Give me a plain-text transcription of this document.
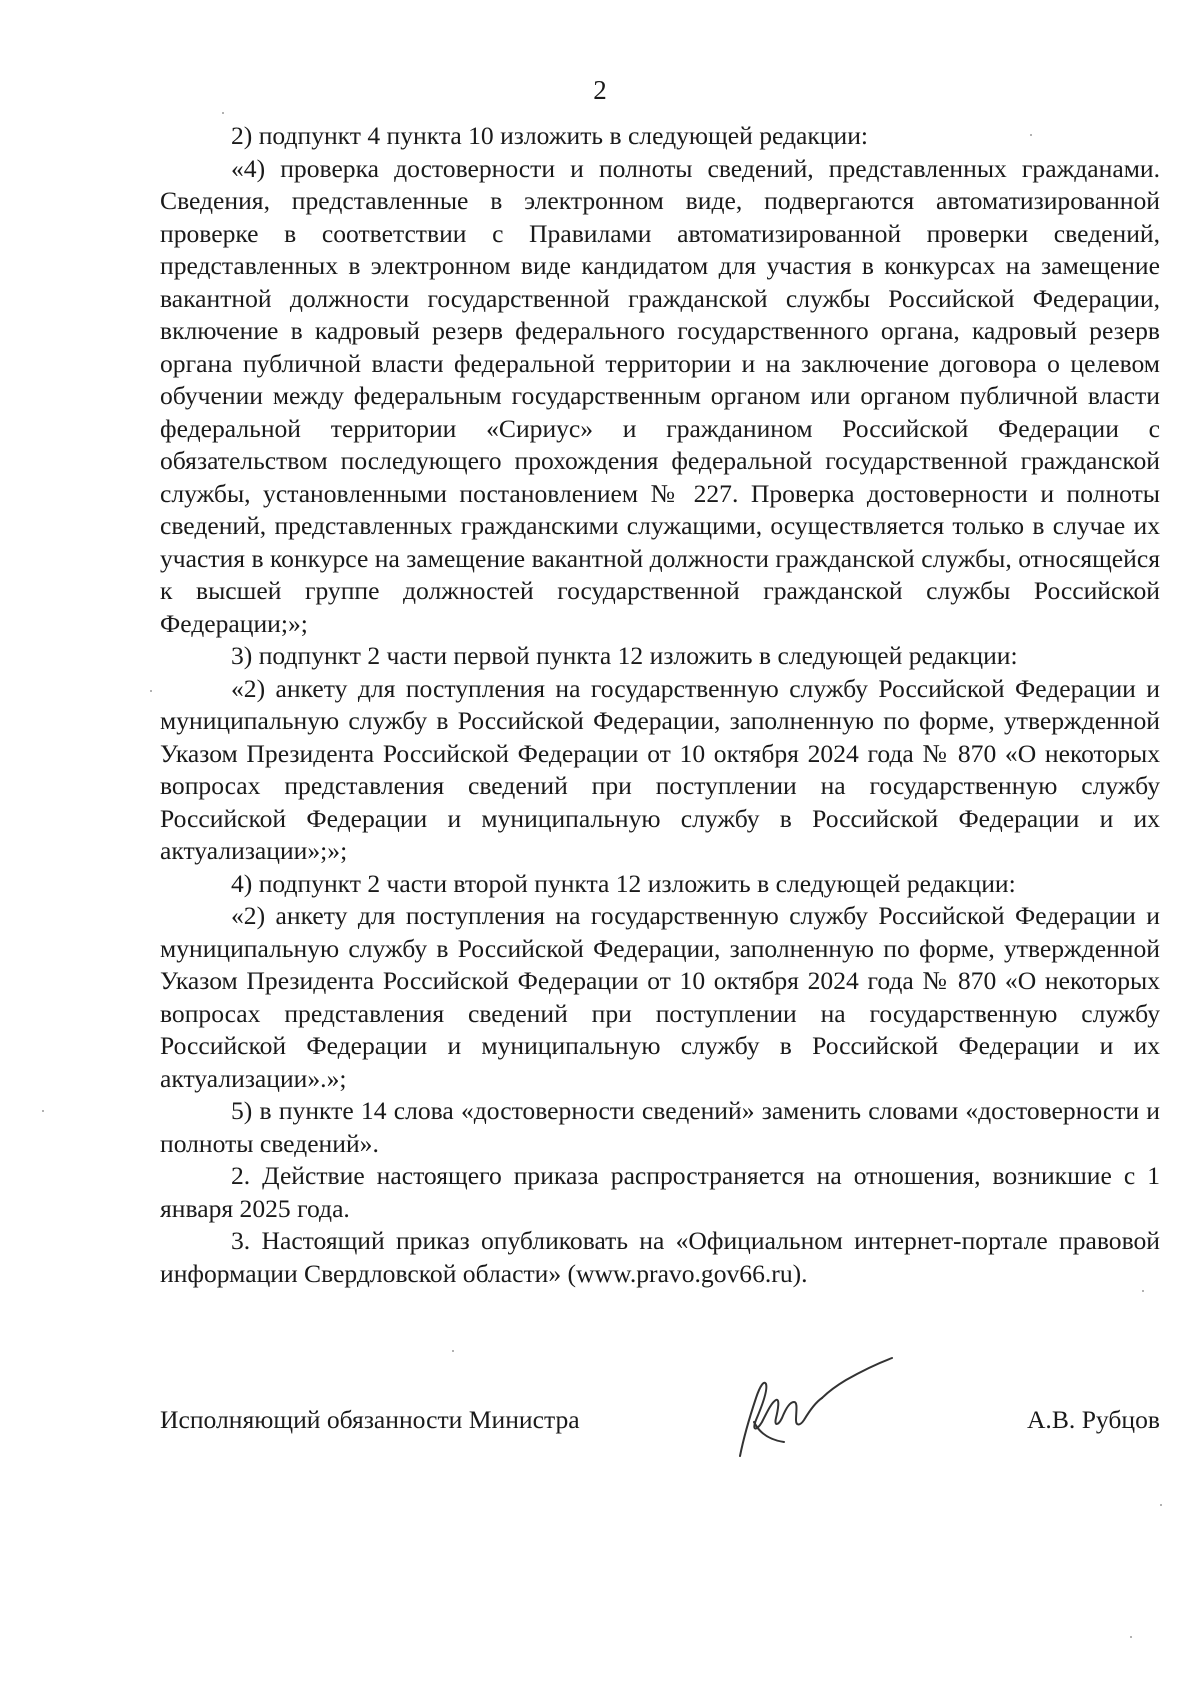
2

2) подпункт 4 пункта 10 изложить в следующей редакции:

«4) проверка достоверности и полноты сведений, представленных гражданами. Сведения, представленные в электронном виде, подвергаются автоматизированной проверке в соответствии с Правилами автоматизированной проверки сведений, представленных в электронном виде кандидатом для участия в конкурсах на замещение вакантной должности государственной гражданской службы Российской Федерации, включение в кадровый резерв федерального государственного органа, кадровый резерв органа публичной власти федеральной территории и на заключение договора о целевом обучении между федеральным государственным органом или органом публичной власти федеральной территории «Сириус» и гражданином Российской Федерации с обязательством последующего прохождения федеральной государственной гражданской службы, установленными постановлением № 227. Проверка достоверности и полноты сведений, представленных гражданскими служащими, осуществляется только в случае их участия в конкурсе на замещение вакантной должности гражданской службы, относящейся к высшей группе должностей государственной гражданской службы Российской Федерации;»;

3) подпункт 2 части первой пункта 12 изложить в следующей редакции:

«2) анкету для поступления на государственную службу Российской Федерации и муниципальную службу в Российской Федерации, заполненную по форме, утвержденной Указом Президента Российской Федерации от 10 октября 2024 года № 870 «О некоторых вопросах представления сведений при поступлении на государственную службу Российской Федерации и муниципальную службу в Российской Федерации и их актуализации»;»;

4) подпункт 2 части второй пункта 12 изложить в следующей редакции:

«2) анкету для поступления на государственную службу Российской Федерации и муниципальную службу в Российской Федерации, заполненную по форме, утвержденной Указом Президента Российской Федерации от 10 октября 2024 года № 870 «О некоторых вопросах представления сведений при поступлении на государственную службу Российской Федерации и муниципальную службу в Российской Федерации и их актуализации».»;

5) в пункте 14 слова «достоверности сведений» заменить словами «достоверности и полноты сведений».

2. Действие настоящего приказа распространяется на отношения, возникшие с 1 января 2025 года.

3. Настоящий приказ опубликовать на «Официальном интернет-портале правовой информации Свердловской области» (www.pravo.gov66.ru).

Исполняющий обязанности Министра	А.В. Рубцов
